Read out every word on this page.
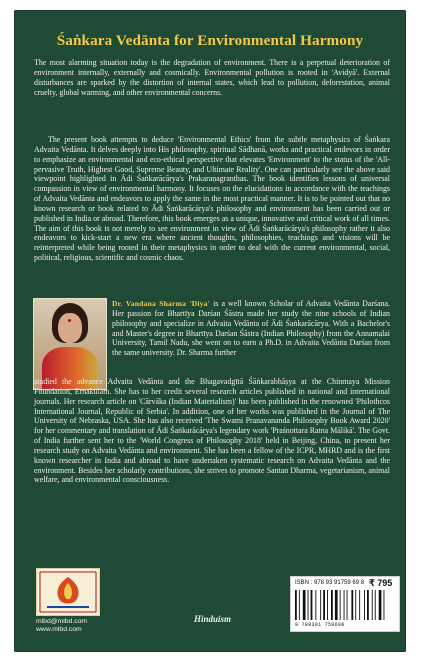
Śaṅkara Vedānta for Environmental Harmony

The most alarming situation today is the degradation of environment. There is a perpetual deterioration of environment internally, externally and cosmically. Environmental pollution is rooted in 'Avidyā'. External disturbances are sparked by the distortion of internal states, which lead to pollution, deforestation, animal cruelty, global warming, and other environmental concerns.

The present book attempts to deduce 'Environmental Ethics' from the subtle metaphysics of Śaṅkara Advaita Vedānta. It delves deeply into His philosophy, spiritual Sādhanā, works and practical endevors in order to emphasize an environmental and eco-ethical perspective that elevates 'Environment' to the status of the 'All-pervasive Truth, Highest Good, Supreme Beauty, and Ultimate Reality'. One can particularly see the above said viewpoint highlighted in Ādi Śaṅkarācārya's Prakaraṇagranthas. The book identifies lessons of universal compassion in view of environmental harmony. It focuses on the elucidations in accordance with the teachings of Advaita Vedānta and endeavors to apply the same in the most practical manner. It is to be pointed out that no known research or book related to Ādi Śaṅkarācārya's philosophy and environment has been carried out or published in India or abroad. Therefore, this book emerges as a unique, innovative and critical work of all times. The aim of this book is not merely to see environment in view of Ādi Śaṅkarācārya's philosophy rather it also endeavors to kick-start a new era where ancient thoughts, philosophies, teachings and visions will be reinterpreted while being rooted in their metaphysics in order to deal with the current environmental, social, political, religious, scientific and cosmic chaos.

Dr. Vandana Sharma 'Diya' is a well known Scholar of Advaita Vedānta Darśana. Her passion for Bhartīya Darśan Śāstra made her study the nine schools of Indian philosophy and specialize in Advaita Vedānta of Ādi Śaṅkarācārya. With a Bachelor's and Master's degree in Bhartīya Darśan Śāstra (Indian Philosophy) from the Annamalai University, Tamil Nadu, she went on to earn a Ph.D. in Advaita Vedānta Darśan from the same university. Dr. Sharma further

studied the advance Advaita Vedānta and the Bhagavadgītā Śāṅkarabhāṣya at the Chinmaya Mission Foundation, Ernakulam. She has to her credit several research articles published in national and international journals. Her research article on 'Cārvāka (Indian Materialism)' has been published in the renowned 'Philothcos International Journal, Republic of Serbia'. In addition, one of her works was published in the Journal of The University of Nebraska, USA. She has also received 'The Swami Pranavananda Philosophy Book Award 2020' for her commentary and translation of Ādi Śaṅkarācārya's legendary work 'Praśnottara Ratna Mālikā'. The Govt. of India further sent her to the 'World Congress of Philosophy 2018' held in Beijing, China, to present her research study on Advaita Vedānta and environment. She has been a fellow of the ICPR, MHRD and is the first known researcher in India and abroad to have undertaken systematic research on Advaita Vedānta and the environment. Besides her scholarly contributions, she strives to promote Santan Dharma, vegetarianism, animal welfare, and environmental consciousness.

mlbd@mlbd.com
www.mlbd.com
Hinduism
ISBN : 978 93 91759 69 8 ₹ 795
9 789391 759698
